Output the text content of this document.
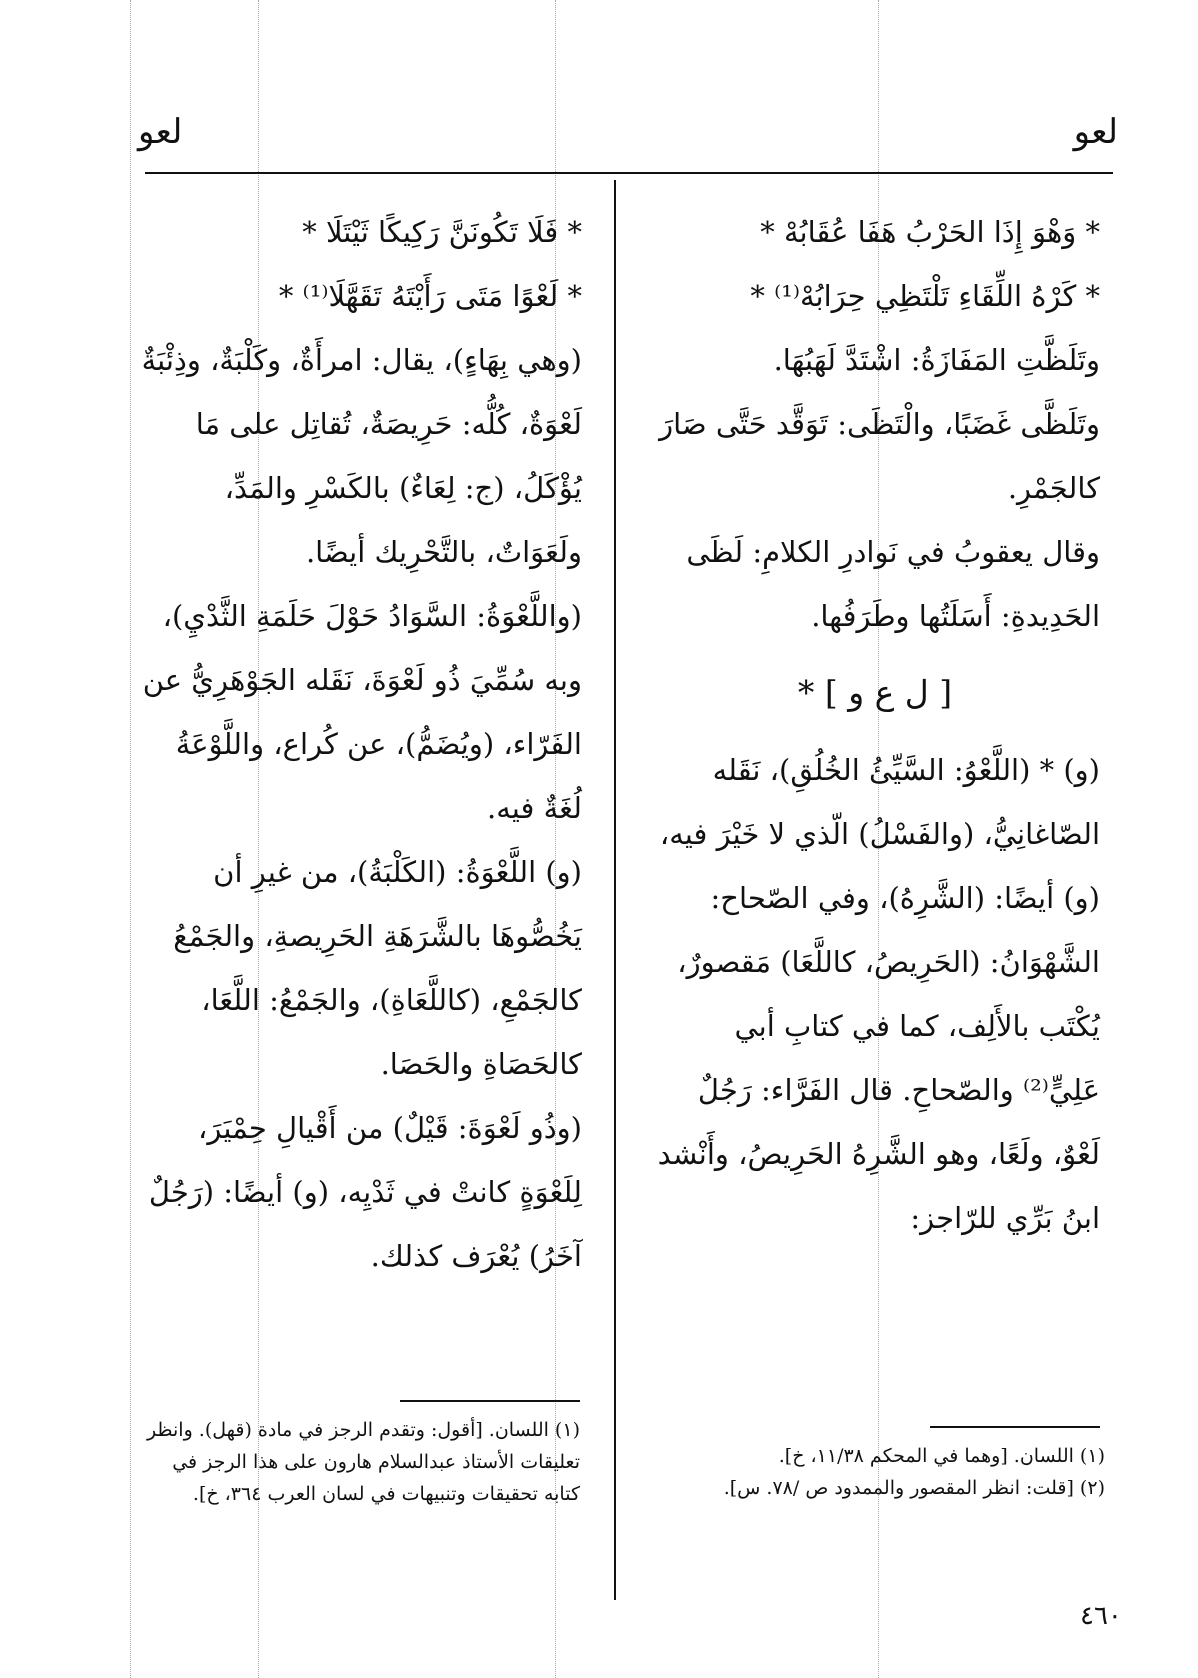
لعو
لعو

* وَهْوَ إِذَا الحَرْبُ هَفَا عُقَابُهْ *

* كَرْهُ اللِّقَاءِ تَلْتَظِي حِرَابُهْ⁽¹⁾ *

وتَلَظَّتِ المَفَازَةُ: اشْتَدَّ لَهَبُهَا.

وتَلَظَّى غَضَبًا، والْتَظَى: تَوَقَّد حَتَّى صَارَ كالجَمْرِ.

وقال يعقوبُ في نَوادرِ الكلامِ: لَظَى الحَدِيدةِ: أَسَلَتُها وطَرَفُها.

[ ل ع و ] *

(و) * (اللَّعْوُ: السَّيِّئُ الخُلُقِ)، نَقَله الصّاغانِيُّ، (والفَسْلُ) الّذي لا خَيْرَ فيه، (و) أيضًا: (الشَّرِهُ)، وفي الصّحاح: الشَّهْوَانُ: (الحَرِيصُ، كاللَّعَا) مَقصورٌ، يُكْتَب بالأَلِف، كما في كتابِ أبي عَلِيٍّ⁽²⁾ والصّحاحِ. قال الفَرَّاء: رَجُلٌ لَعْوٌ، ولَعًا، وهو الشَّرِهُ الحَرِيصُ، وأَنْشد ابنُ بَرِّي للرّاجز:

* فَلَا تَكُونَنَّ رَكِيكًا ثَيْتَلَا *

* لَعْوًا مَتَى رَأَيْتَهُ تَقَهَّلَا⁽¹⁾ *

(وهي بِهَاءٍ)، يقال: امرأَةٌ، وكَلْبَةٌ، وذِئْبَةٌ لَعْوَةٌ، كُلُّه: حَرِيصَةٌ، تُقاتِل على مَا يُؤْكَلُ، (ج: لِعَاءٌ) بالكَسْرِ والمَدِّ، ولَعَوَاتٌ، بالتَّحْرِيك أيضًا.

(واللَّعْوَةُ: السَّوَادُ حَوْلَ حَلَمَةِ الثَّدْيِ)، وبه سُمِّيَ ذُو لَعْوَةَ، نَقَله الجَوْهَرِيُّ عن الفَرّاء، (ويُضَمُّ)، عن كُراع، واللَّوْعَةُ لُغَةٌ فيه.

(و) اللَّعْوَةُ: (الكَلْبَةُ)، من غيرِ أن يَخُصُّوهَا بالشَّرَهَةِ الحَرِيصةِ، والجَمْعُ كالجَمْعِ، (كاللَّعَاةِ)، والجَمْعُ: اللَّعَا، كالحَصَاةِ والحَصَا.

(وذُو لَعْوَةَ: قَيْلٌ) من أَقْيالِ حِمْيَرَ، لِلَعْوَةٍ كانتْ في ثَدْيِه، (و) أيضًا: (رَجُلٌ آخَرُ) يُعْرَف كذلك.

(١) اللسان. [وهما في المحكم ١١/٣٨، خ].

(٢) [قلت: انظر المقصور والممدود ص /٧٨. س].

(١) اللسان. [أقول: وتقدم الرجز في مادة (قهل). وانظر تعليقات الأستاذ عبدالسلام هارون على هذا الرجز في كتابه تحقيقات وتنبيهات في لسان العرب ٣٦٤، خ].

٤٦٠
